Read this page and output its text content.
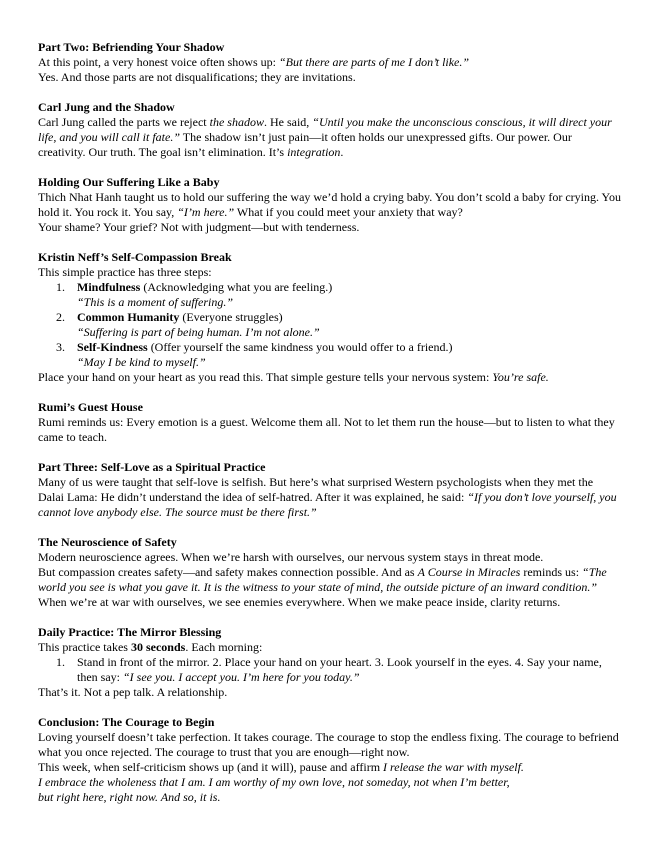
Part Two: Befriending Your Shadow

At this point, a very honest voice often shows up: “But there are parts of me I don’t like.”

Yes. And those parts are not disqualifications; they are invitations.

Carl Jung and the Shadow

Carl Jung called the parts we reject the shadow. He said, “Until you make the unconscious conscious, it will direct your life, and you will call it fate.” The shadow isn’t just pain—it often holds our unexpressed gifts. Our power. Our creativity. Our truth. The goal isn’t elimination. It’s integration.

Holding Our Suffering Like a Baby

Thich Nhat Hanh taught us to hold our suffering the way we’d hold a crying baby. You don’t scold a baby for crying. You hold it. You rock it. You say, “I’m here.” What if you could meet your anxiety that way?

Your shame? Your grief? Not with judgment—but with tenderness.

Kristin Neff’s Self-Compassion Break

This simple practice has three steps:

1 . Mindfulness (Acknowledging what you are feeling.)
“This is a moment of suffering.”
2 . Common Humanity (Everyone struggles)
“Suffering is part of being human. I’m not alone.”
3 . Self-Kindness (Offer yourself the same kindness you would offer to a friend.)
“May I be kind to myself.”

Place your hand on your heart as you read this. That simple gesture tells your nervous system: You’re safe.

Rumi’s Guest House

Rumi reminds us: Every emotion is a guest. Welcome them all. Not to let them run the house—but to listen to what they came to teach.

Part Three: Self-Love as a Spiritual Practice

Many of us were taught that self-love is selfish. But here’s what surprised Western psychologists when they met the Dalai Lama: He didn’t understand the idea of self-hatred. After it was explained, he said: “If you don’t love yourself, you cannot love anybody else. The source must be there first.”

The Neuroscience of Safety

Modern neuroscience agrees. When we’re harsh with ourselves, our nervous system stays in threat mode.

But compassion creates safety—and safety makes connection possible. And as A Course in Miracles reminds us: “The world you see is what you gave it. It is the witness to your state of mind, the outside picture of an inward condition.” When we’re at war with ourselves, we see enemies everywhere. When we make peace inside, clarity returns.

Daily Practice: The Mirror Blessing

This practice takes 30 seconds. Each morning:

1 . Stand in front of the mirror. 2. Place your hand on your heart. 3. Look yourself in the eyes. 4. Say your name, then say: “I see you. I accept you. I’m here for you today.”

That’s it. Not a pep talk. A relationship.

Conclusion: The Courage to Begin

Loving yourself doesn’t take perfection. It takes courage. The courage to stop the endless fixing. The courage to befriend what you once rejected. The courage to trust that you are enough—right now.

This week, when self-criticism shows up (and it will), pause and affirm I release the war with myself.

I embrace the wholeness that I am. I am worthy of my own love, not someday, not when I’m better,

but right here, right now. And so, it is.
